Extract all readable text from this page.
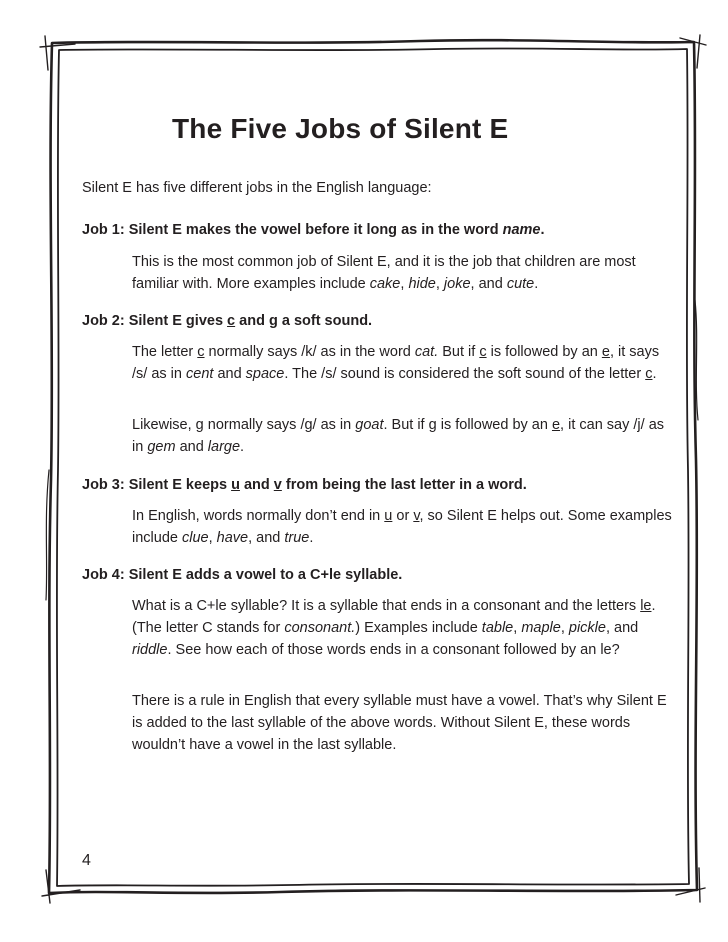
The Five Jobs of Silent E
Silent E has five different jobs in the English language:
Job 1: Silent E makes the vowel before it long as in the word name.
This is the most common job of Silent E, and it is the job that children are most familiar with. More examples include cake, hide, joke, and cute.
Job 2: Silent E gives c and g a soft sound.
The letter c normally says /k/ as in the word cat. But if c is followed by an e, it says /s/ as in cent and space. The /s/ sound is considered the soft sound of the letter c.
Likewise, g normally says /g/ as in goat. But if g is followed by an e, it can say /j/ as in gem and large.
Job 3: Silent E keeps u and v from being the last letter in a word.
In English, words normally don’t end in u or v, so Silent E helps out. Some examples include clue, have, and true.
Job 4: Silent E adds a vowel to a C+le syllable.
What is a C+le syllable? It is a syllable that ends in a consonant and the letters le. (The letter C stands for consonant.) Examples include table, maple, pickle, and riddle. See how each of those words ends in a consonant followed by an le?
There is a rule in English that every syllable must have a vowel. That’s why Silent E is added to the last syllable of the above words. Without Silent E, these words wouldn’t have a vowel in the last syllable.
4
